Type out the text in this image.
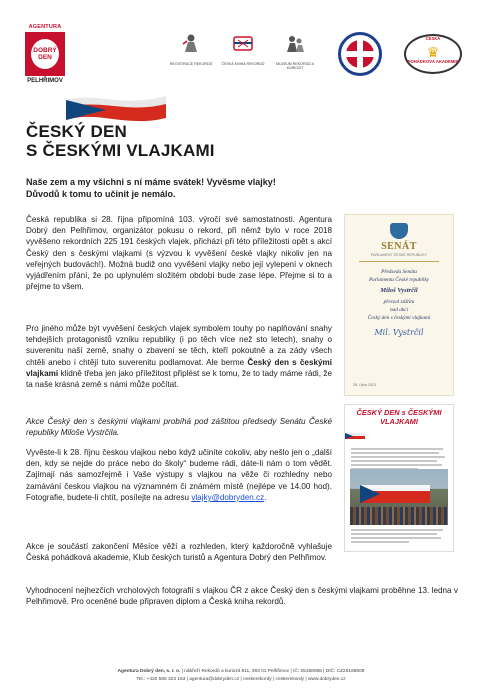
AGENTURA
DOBRÝ DEN
PELHŘIMOV
REGISTRACE REKORDŮ	ČESKÁ KNIHA REKORDŮ	MUZEUM REKORDŮ A KURIOZIT
ČESKÁ
♛
POHÁDKOVÁ AKADEMIE
ČESKÝ DEN
S ČESKÝMI VLAJKAMI
Naše zem a my všichni s ní máme svátek! Vyvěsme vlajky!
Důvodů k tomu to učinit je nemálo.

Česká republika si 28. října připomíná 103. výročí své samostatnosti. Agentura Dobrý den Pelhřimov, organizátor pokusu o rekord, při němž bylo v roce 2018 vyvěšeno rekordních 225 191 českých vlajek, přichází při této příležitosti opět s akcí Český den s českými vlajkami (s výzvou k vyvěšení české vlajky nikoliv jen na veřejných budovách!). Možná budiž ono vyvěšení vlajky nebo její vylepení v oknech vyjádřením přání, že po uplynulém složitém období bude zase lépe. Přejme si to a přejme to všem.

Pro jiného může být vyvěšení českých vlajek symbolem touhy po naplňování snahy tehdejších protagonistů vzniku republiky (i po těch více než sto letech), snahy o suverenitu naší země, snahy o zbavení se těch, kteří pokoutně a za zády všech chtěli anebo i chtějí tuto suverenitu podlamovat. Ale berme Český den s českými vlajkami klidně třeba jen jako příležitost připlést se k tomu, že to tady máme rádi, že ta naše krásná země s námi může počítat.

Akce Český den s českými vlajkami probíhá pod záštitou předsedy Senátu České republiky Miloše Vystrčila.

Vyvěste-li k 28. říjnu českou vlajkou nebo když učiníte cokoliv, aby nešlo jen o „další den, kdy se nejde do práce nebo do školy“ budeme rádi, dáte-li nám o tom vědět. Zajímají nás samozřejmě i Vaše výstupy s vlajkou na věže či rozhledny nebo zamávání českou vlajkou na významném či známém místě (nejlépe ve 14.00 hod). Fotografie, budete-li chtít, posílejte na adresu vlajky@dobryden.cz.

Akce je součástí zakončení Měsíce věží a rozhleden, který každoročně vyhlašuje Česká pohádková akademie, Klub českých turistů a Agentura Dobrý den Pelhřimov.

Vyhodnocení nejhezčích vrcholových fotografií s vlajkou ČR z akce Český den s českými vlajkami proběhne 13. ledna v Pelhřimově. Pro oceněné bude připraven diplom a Česká kniha rekordů.

SENÁT
PARLAMENT ČESKÉ REPUBLIKY
Předseda Senátu
Parlamentu České republiky
Miloš Vystrčil
převzal záštitu
nad akcí
Český den s českými vlajkami
Mil. Vystrčil
28. října 2021
ČESKÝ DEN s ČESKÝMI VLAJKAMI
Agentura Dobrý den, s. r. o. | nábřeží Rekordů a kuriozit 811, 393 01 Pelhřimov | IČ: 25168088 | DIČ: CZ25168508
Tel.: +420 565 323 163 | agentura@dobryden.cz | ceskerekordy | ceskerekordy | www.dobryden.cz
